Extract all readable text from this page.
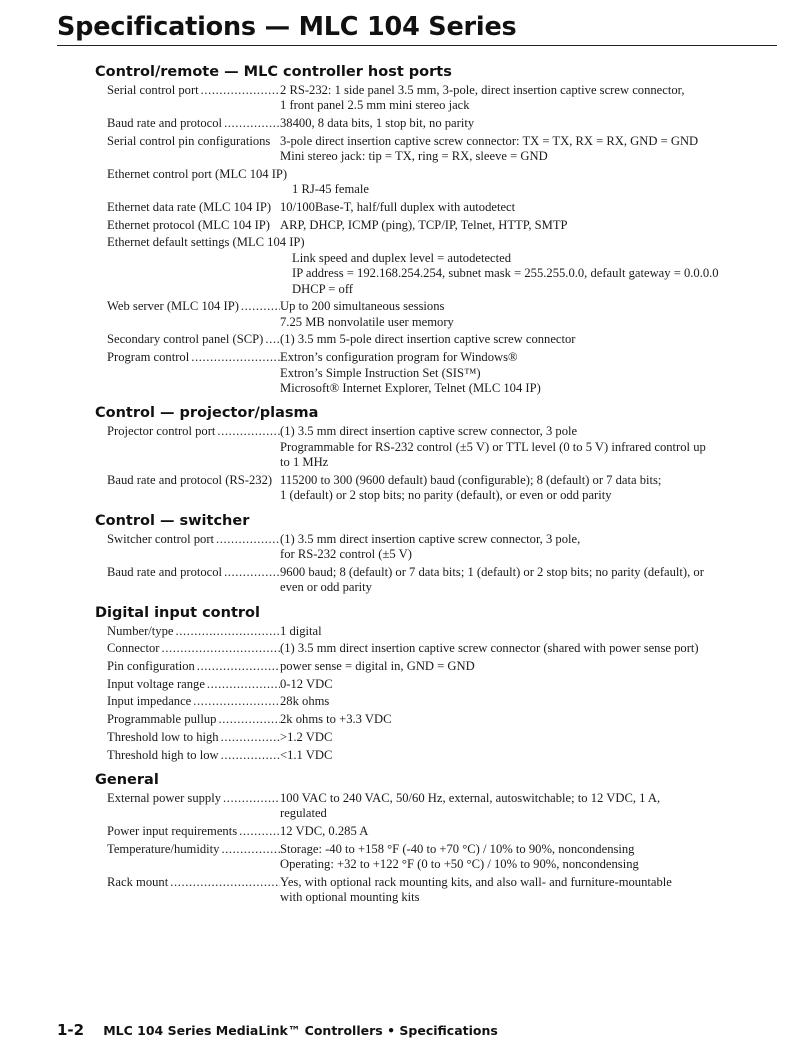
Specifications — MLC 104 Series
Control/remote — MLC controller host ports
Serial control port .....	2 RS-232: 1 side panel 3.5 mm, 3-pole, direct insertion captive screw connector,
1 front panel 2.5 mm mini stereo jack
Baud rate and protocol .....	38400, 8 data bits, 1 stop bit, no parity
Serial control pin configurations 3-pole direct insertion captive screw connector: TX = TX, RX = RX, GND = GND
Mini stereo jack: tip = TX, ring = RX, sleeve = GND
Ethernet control port (MLC 104 IP)
1 RJ-45 female
Ethernet data rate (MLC 104 IP) 10/100Base-T, half/full duplex with autodetect
Ethernet protocol (MLC 104 IP) ARP, DHCP, ICMP (ping), TCP/IP, Telnet, HTTP, SMTP
Ethernet default settings (MLC 104 IP)
Link speed and duplex level = autodetected
IP address = 192.168.254.254, subnet mask = 255.255.0.0, default gateway = 0.0.0.0
DHCP = off
Web server (MLC 104 IP) .....	Up to 200 simultaneous sessions
7.25 MB nonvolatile user memory
Secondary control panel (SCP) ..... (1) 3.5 mm 5-pole direct insertion captive screw connector
Program control .....	Extron’s configuration program for Windows®
Extron’s Simple Instruction Set (SIS™)
Microsoft® Internet Explorer, Telnet (MLC 104 IP)
Control — projector/plasma
Projector control port .....	(1) 3.5 mm direct insertion captive screw connector, 3 pole
Programmable for RS-232 control (±5 V) or TTL level (0 to 5 V) infrared control up
to 1 MHz
Baud rate and protocol (RS-232) 115200 to 300 (9600 default) baud (configurable); 8 (default) or 7 data bits;
1 (default) or 2 stop bits; no parity (default), or even or odd parity
Control — switcher
Switcher control port .....	(1) 3.5 mm direct insertion captive screw connector, 3 pole,
for RS-232 control (±5 V)
Baud rate and protocol .....	9600 baud; 8 (default) or 7 data bits; 1 (default) or 2 stop bits; no parity (default), or
even or odd parity
Digital input control
Number/type .....	1 digital
Connector .....	(1) 3.5 mm direct insertion captive screw connector (shared with power sense port)
Pin configuration .....	power sense = digital in, GND = GND
Input voltage range .....	0-12 VDC
Input impedance .....	28k ohms
Programmable pullup .....	2k ohms to +3.3 VDC
Threshold low to high .....	>1.2 VDC
Threshold high to low .....	<1.1 VDC
General
External power supply .....	100 VAC to 240 VAC, 50/60 Hz, external, autoswitchable; to 12 VDC, 1 A,
regulated
Power input requirements .....	12 VDC, 0.285 A
Temperature/humidity .....	Storage: -40 to +158 °F (-40 to +70 °C) / 10% to 90%, noncondensing
Operating: +32 to +122 °F (0 to +50 °C) / 10% to 90%, noncondensing
Rack mount .....	Yes, with optional rack mounting kits, and also wall- and furniture-mountable
with optional mounting kits
1-2 MLC 104 Series MediaLink™ Controllers • Specifications
